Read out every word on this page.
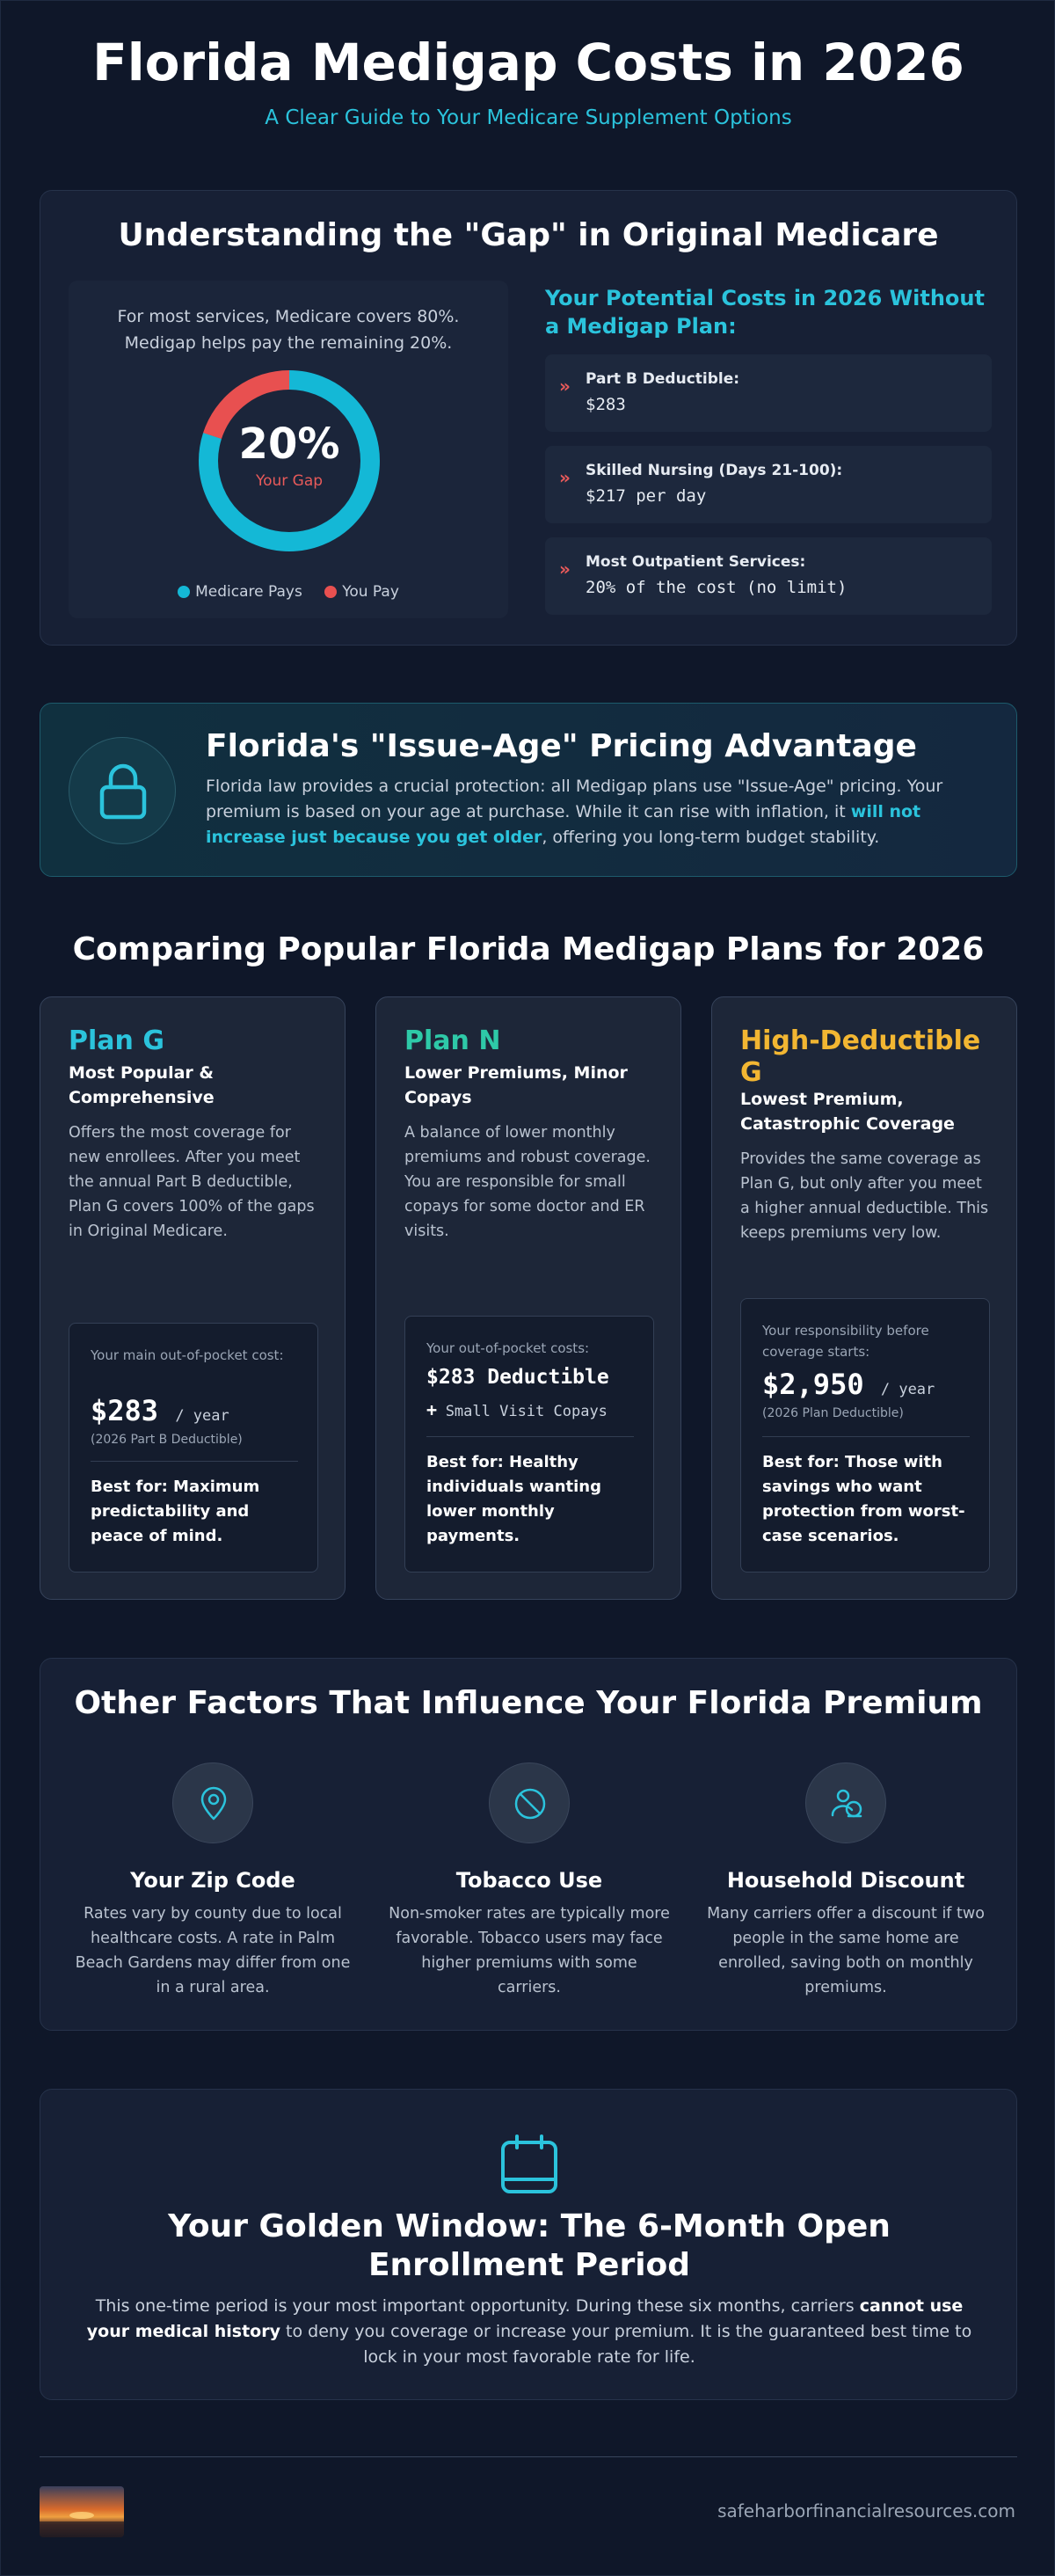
Florida Medigap Costs in 2026
A Clear Guide to Your Medicare Supplement Options
Understanding the "Gap" in Original Medicare
For most services, Medicare covers 80%.
Medigap helps pay the remaining 20%.
20%
Your Gap
Medicare Pays	You Pay
Your Potential Costs in 2026 Without a Medigap Plan:
» Part B Deductible:
$283
» Skilled Nursing (Days 21-100):
$217 per day
» Most Outpatient Services:
20% of the cost (no limit)
Florida's "Issue-Age" Pricing Advantage

Florida law provides a crucial protection: all Medigap plans use "Issue-Age" pricing. Your premium is based on your age at purchase. While it can rise with inflation, it will not increase just because you get older, offering you long-term budget stability.

Comparing Popular Florida Medigap Plans for 2026
Plan G
Most Popular & Comprehensive
Offers the most coverage for new enrollees. After you meet the annual Part B deductible, Plan G covers 100% of the gaps in Original Medicare.
Your main out-of-pocket cost:
$283 / year
(2026 Part B Deductible)
Best for: Maximum predictability and peace of mind.
Plan N
Lower Premiums, Minor Copays
A balance of lower monthly premiums and robust coverage. You are responsible for small copays for some doctor and ER visits.
Your out-of-pocket costs:
$283 Deductible
+ Small Visit Copays
Best for: Healthy individuals wanting lower monthly payments.
High-Deductible G
Lowest Premium, Catastrophic Coverage
Provides the same coverage as Plan G, but only after you meet a higher annual deductible. This keeps premiums very low.
Your responsibility before coverage starts:
$2,950 / year
(2026 Plan Deductible)
Best for: Those with savings who want protection from worst-case scenarios.
Other Factors That Influence Your Florida Premium
Your Zip Code
Rates vary by county due to local healthcare costs. A rate in Palm Beach Gardens may differ from one in a rural area.
Tobacco Use
Non-smoker rates are typically more favorable. Tobacco users may face higher premiums with some carriers.
Household Discount
Many carriers offer a discount if two people in the same home are enrolled, saving both on monthly premiums.
Your Golden Window: The 6-Month Open Enrollment Period

This one-time period is your most important opportunity. During these six months, carriers cannot use your medical history to deny you coverage or increase your premium. It is the guaranteed best time to lock in your most favorable rate for life.

safeharborfinancialresources.com
